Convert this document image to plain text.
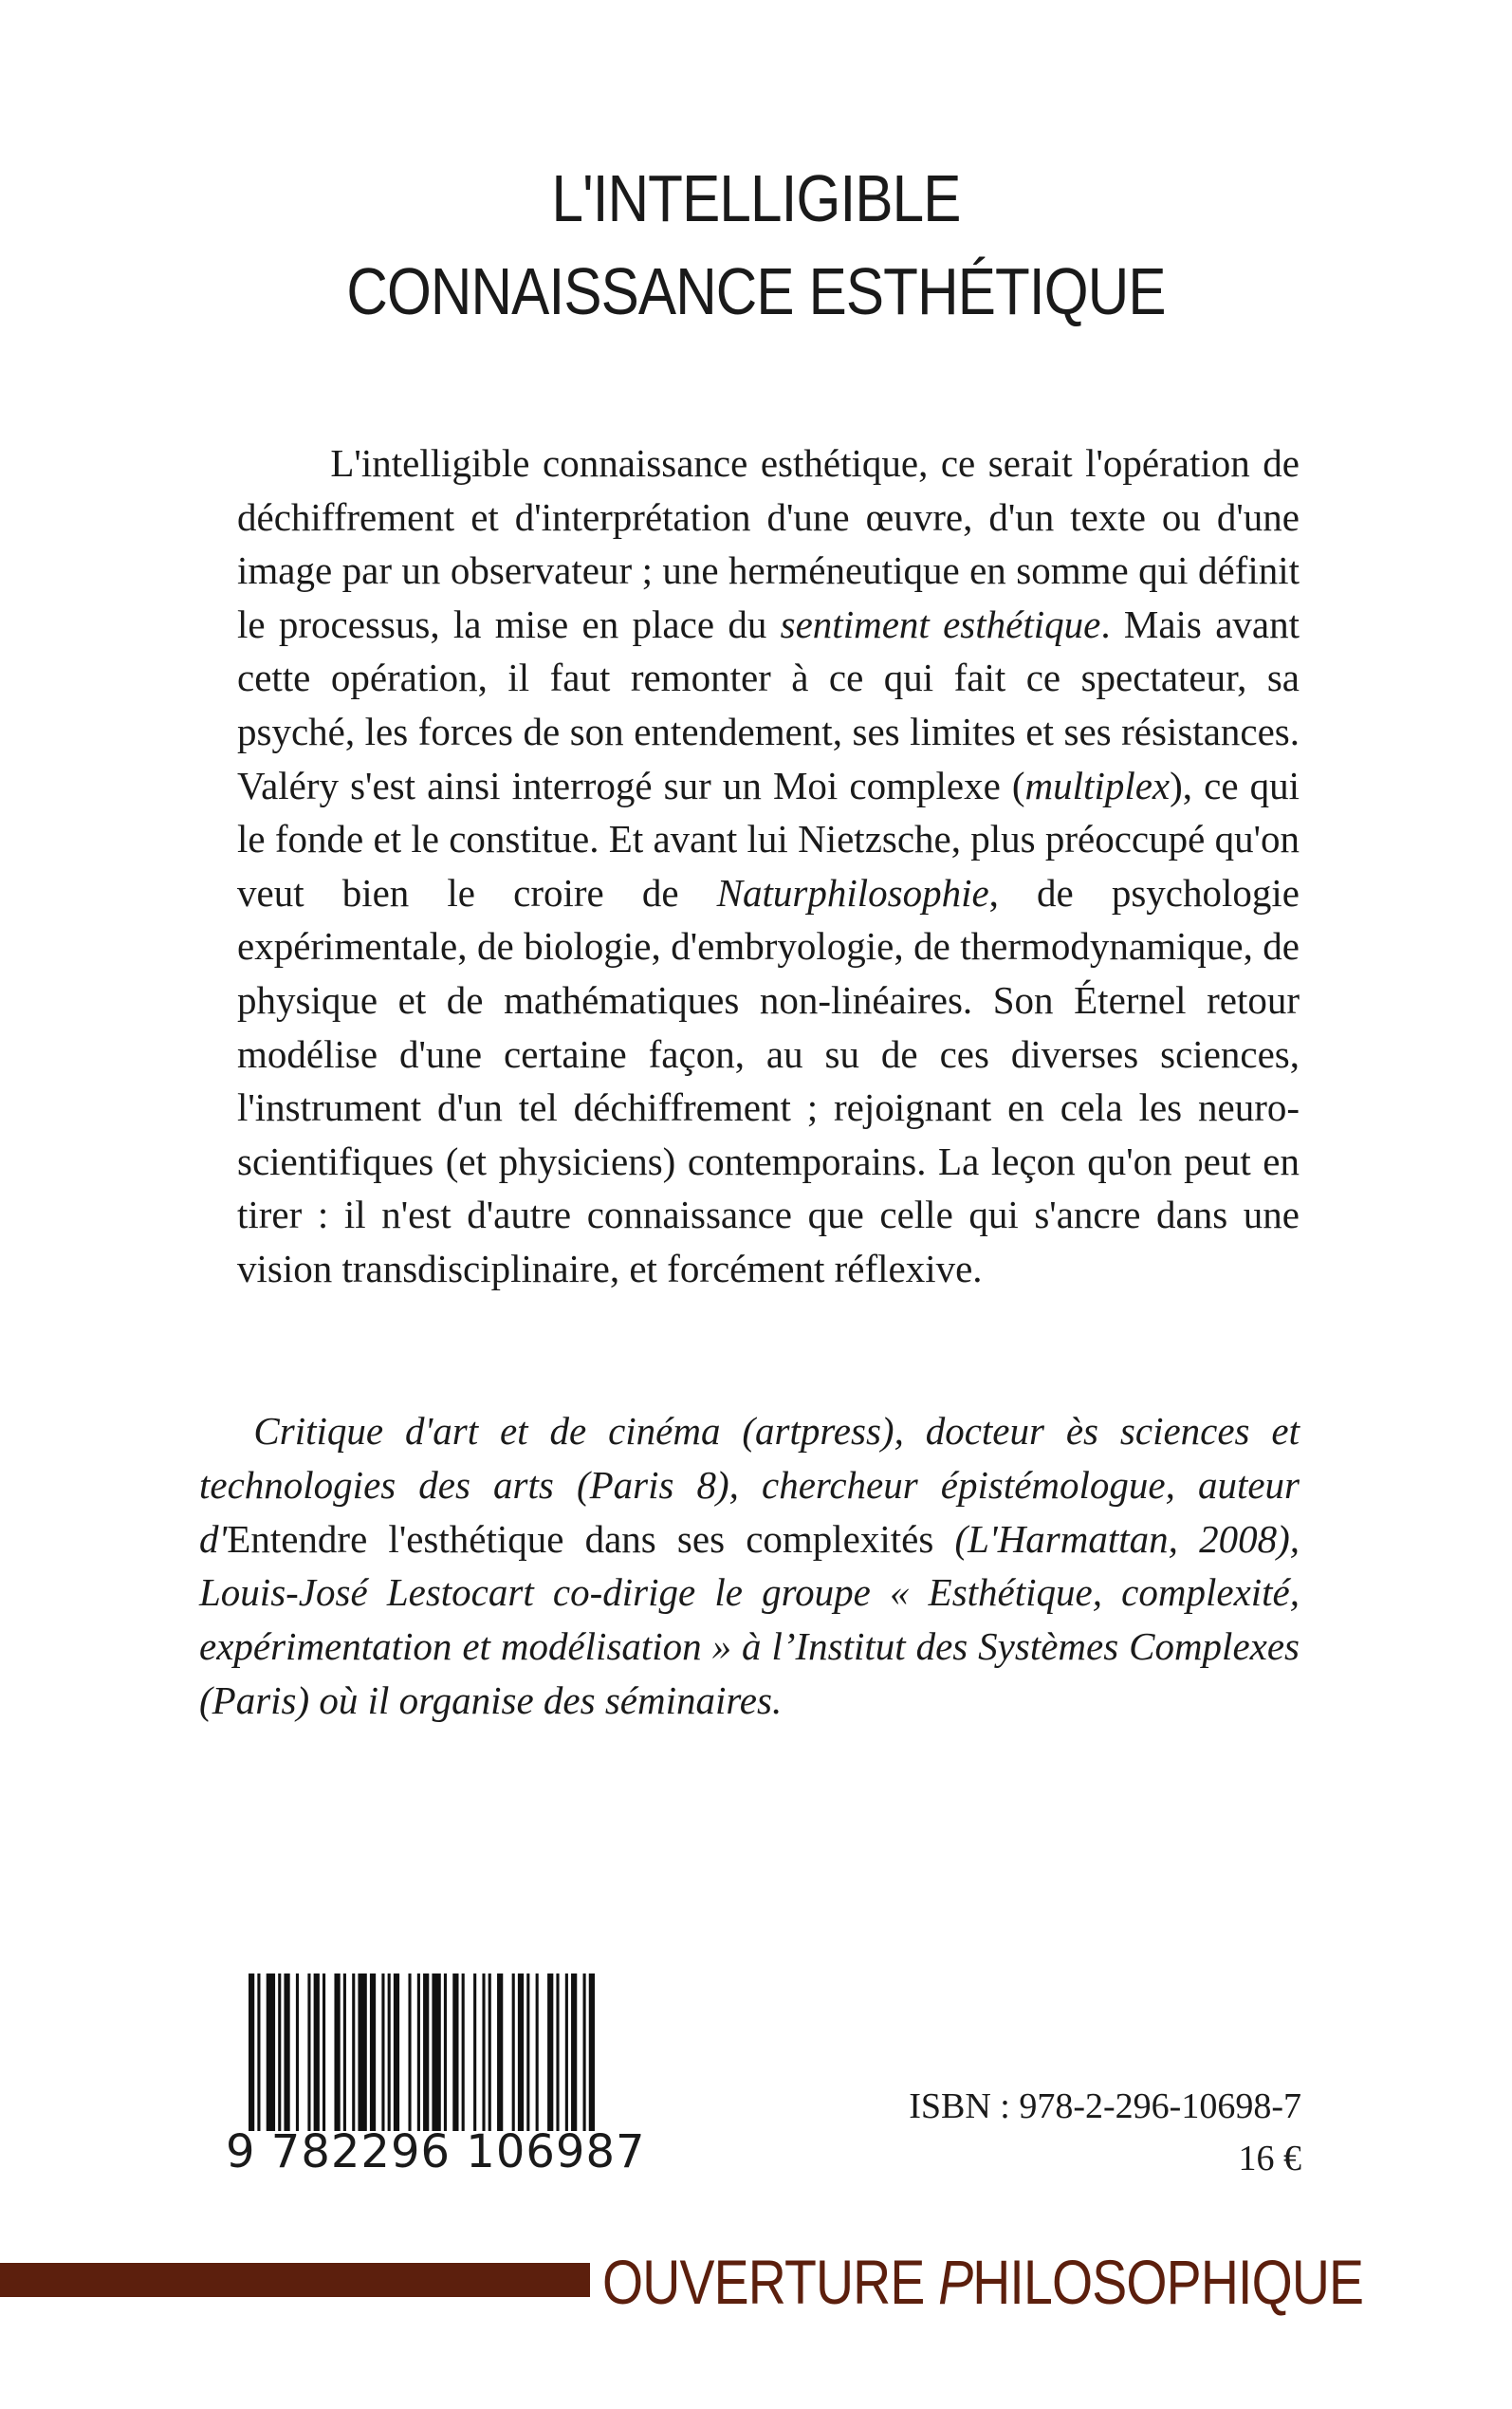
L'INTELLIGIBLE
CONNAISSANCE ESTHÉTIQUE
L'intelligible connaissance esthétique, ce serait l'opération de déchiffrement et d'interprétation d'une œuvre, d'un texte ou d'une image par un observateur ; une herméneutique en somme qui définit le processus, la mise en place du sentiment esthétique. Mais avant cette opération, il faut remonter à ce qui fait ce spectateur, sa psyché, les forces de son entendement, ses limites et ses résistances. Valéry s'est ainsi interrogé sur un Moi complexe (multiplex), ce qui le fonde et le constitue. Et avant lui Nietzsche, plus préoccupé qu'on veut bien le croire de Naturphilosophie, de psychologie expérimentale, de biologie, d'embryologie, de thermodynamique, de physique et de mathématiques non-linéaires. Son Éternel retour modélise d'une certaine façon, au su de ces diverses sciences, l'instrument d'un tel déchiffrement ; rejoignant en cela les neuro-scientifiques (et physiciens) contemporains. La leçon qu'on peut en tirer : il n'est d'autre connaissance que celle qui s'ancre dans une vision transdisciplinaire, et forcément réflexive.
Critique d'art et de cinéma (artpress), docteur ès sciences et technologies des arts (Paris 8), chercheur épistémologue, auteur d'Entendre l'esthétique dans ses complexités (L'Harmattan, 2008), Louis-José Lestocart co-dirige le groupe « Esthétique, complexité, expérimentation et modélisation » à l’Institut des Systèmes Complexes (Paris) où il organise des séminaires.
9 782296 106987
ISBN : 978-2-296-10698-7
16 €
OUVERTURE PHILOSOPHIQUE
